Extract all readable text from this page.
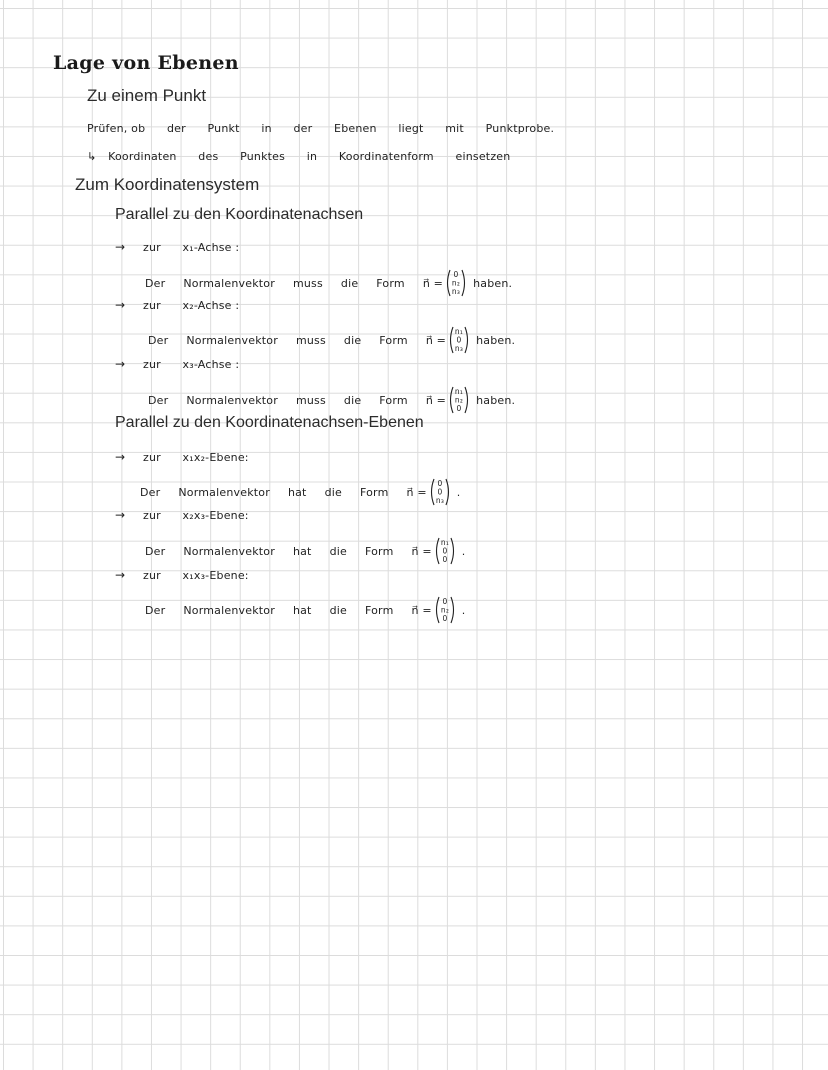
Lage von Ebenen
Zu einem Punkt
Prüfen, ob der Punkt in der Ebenen liegt mit Punktprobe.
↳ Koordinaten des Punktes in Koordinatenform einsetzen
Zum Koordinatensystem
Parallel zu den Koordinatenachsen
→ zur x₁-Achse :
Der Normalenvektor muss die Form n⃗ =
0
n₂
n₃
haben.
→ zur x₂-Achse :
Der Normalenvektor muss die Form n⃗ =
n₁
0
n₃
haben.
→ zur x₃-Achse :
Der Normalenvektor muss die Form n⃗ =
n₁
n₂
0
haben.
Parallel zu den Koordinatenachsen-Ebenen
→ zur x₁x₂-Ebene:
Der Normalenvektor hat die Form n⃗ =
0
0
n₃
.
→ zur x₂x₃-Ebene:
Der Normalenvektor hat die Form n⃗ =
n₁
0
0
.
→ zur x₁x₃-Ebene:
Der Normalenvektor hat die Form n⃗ =
0
n₂
0
.
